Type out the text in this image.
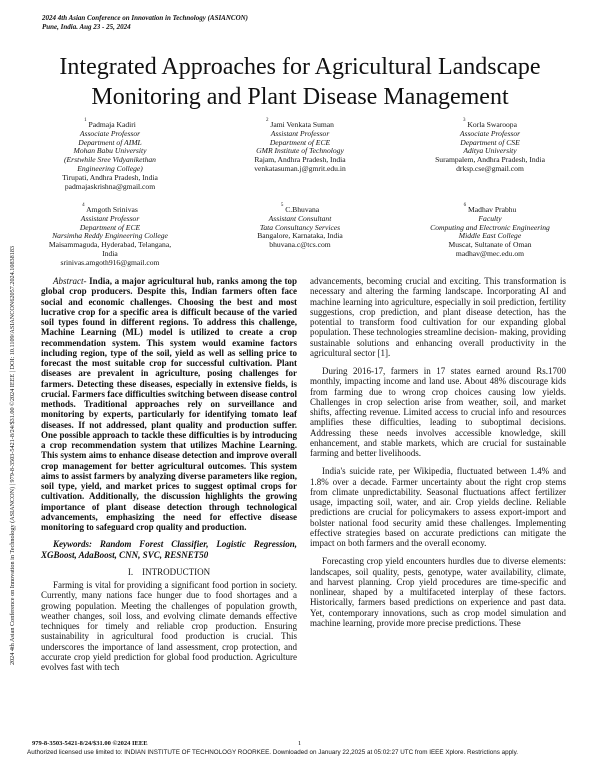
2024 4th Asian Conference on Innovation in Technology (ASIANCON)
Pune, India. Aug 23 - 25, 2024
Integrated Approaches for Agricultural Landscape
Monitoring and Plant Disease Management
$^1$ Padmaja Kadiri
Associate Professor
Department of AIML
Mohan Babu University
(Erstwhile Sree Vidyanikethan
Engineering College)
Tirupati, Andhra Pradesh, India
padmajaskrishna@gmail.com
$^2$ Jami Venkata Suman
Assistant Professor
Department of ECE
GMR Institute of Technology
Rajam, Andhra Pradesh, India
venkatasuman.j@gmrit.edu.in
$^3$ Korla Swaroopa
Associate Professor
Department of CSE
Aditya University
Surampalem, Andhra Pradesh, India
drksp.cse@gmail.com
$^4$ Amgoth Srinivas
Assistant Professor
Department of ECE
Narsimha Reddy Engineering College
Maisammaguda, Hyderabad, Telangana,
India
srinivas.amgoth916@gmail.com
$^5$ C.Bhuvana
Assistant Consultant
Tata Consultancy Services
Bangalore, Karnataka, India
bhuvana.c@tcs.com
$^6$ Madhav Prabhu
Faculty
Computing and Electronic Engineering
Middle East College
Muscat, Sultanate of Oman
madhav@mec.edu.om

Abstract- India, a major agricultural hub, ranks among the top global crop producers. Despite this, Indian farmers often face social and economic challenges. Choosing the best and most lucrative crop for a specific area is difficult because of the varied soil types found in different regions. To address this challenge, Machine Learning (ML) model is utilized to create a crop recommendation system. This system would examine factors including region, type of the soil, yield as well as selling price to forecast the most suitable crop for successful cultivation. Plant diseases are prevalent in agriculture, posing challenges for farmers. Detecting these diseases, especially in extensive fields, is crucial. Farmers face difficulties switching between disease control methods. Traditional approaches rely on surveillance and monitoring by experts, particularly for identifying tomato leaf diseases. If not addressed, plant quality and production suffer. One possible approach to tackle these difficulties is by introducing a crop recommendation system that utilizes Machine Learning. This system aims to enhance disease detection and improve overall crop management for better agricultural outcomes. This system aims to assist farmers by analyzing diverse parameters like region, soil type, yield, and market prices to suggest optimal crops for cultivation. Additionally, the discussion highlights the growing importance of plant disease detection through technological advancements, emphasizing the need for effective disease monitoring to safeguard crop quality and production.

Keywords: Random Forest Classifier, Logistic Regression, XGBoost, AdaBoost, CNN, SVC, RESNET50

I.    INTRODUCTION

Farming is vital for providing a significant food portion in society. Currently, many nations face hunger due to food shortages and a growing population. Meeting the challenges of population growth, weather changes, soil loss, and evolving climate demands effective techniques for timely and reliable crop production. Ensuring sustainability in agricultural food production is crucial. This underscores the importance of land assessment, crop protection, and accurate crop yield prediction for global food production. Agriculture evolves fast with tech

advancements, becoming crucial and exciting. This transformation is necessary and altering the farming landscape. Incorporating AI and machine learning into agriculture, especially in soil prediction, fertility suggestions, crop prediction, and plant disease detection, has the potential to transform food cultivation for our expanding global population. These technologies streamline decision- making, providing sustainable solutions and enhancing overall productivity in the agricultural sector [1].

During 2016-17, farmers in 17 states earned around Rs.1700 monthly, impacting income and land use. About 48% discourage kids from farming due to wrong crop choices causing low yields. Challenges in crop selection arise from weather, soil, and market shifts, affecting revenue. Limited access to crucial info and resources amplifies these difficulties, leading to suboptimal decisions. Addressing these needs involves accessible knowledge, skill enhancement, and stable markets, which are crucial for sustainable farming and better livelihoods.

India's suicide rate, per Wikipedia, fluctuated between 1.4% and 1.8% over a decade. Farmer uncertainty about the right crop stems from climate unpredictability. Seasonal fluctuations affect fertilizer usage, impacting soil, water, and air. Crop yields decline. Reliable predictions are crucial for policymakers to assess export-import and bolster national food security amid these challenges. Implementing effective strategies based on accurate predictions can mitigate the impact on both farmers and the overall economy.

Forecasting crop yield encounters hurdles due to diverse elements: landscapes, soil quality, pests, genotype, water availability, climate, and harvest planning. Crop yield procedures are time-specific and nonlinear, shaped by a multifaceted interplay of these factors. Historically, farmers based predictions on experience and past data. Yet, contemporary innovations, such as crop model simulation and machine learning, provide more precise predictions. These

2024 4th Asian Conference on Innovation in Technology (ASIANCON) | 979-8-3503-5421-8/24/$31.00 ©2024 IEEE | DOI: 10.1109/ASIANCON62057.2024.10838183
979-8-3503-5421-8/24/$31.00 ©2024 IEEE	1
Authorized licensed use limited to: INDIAN INSTITUTE OF TECHNOLOGY ROORKEE. Downloaded on January 22,2025 at 05:02:27 UTC from IEEE Xplore. Restrictions apply.
